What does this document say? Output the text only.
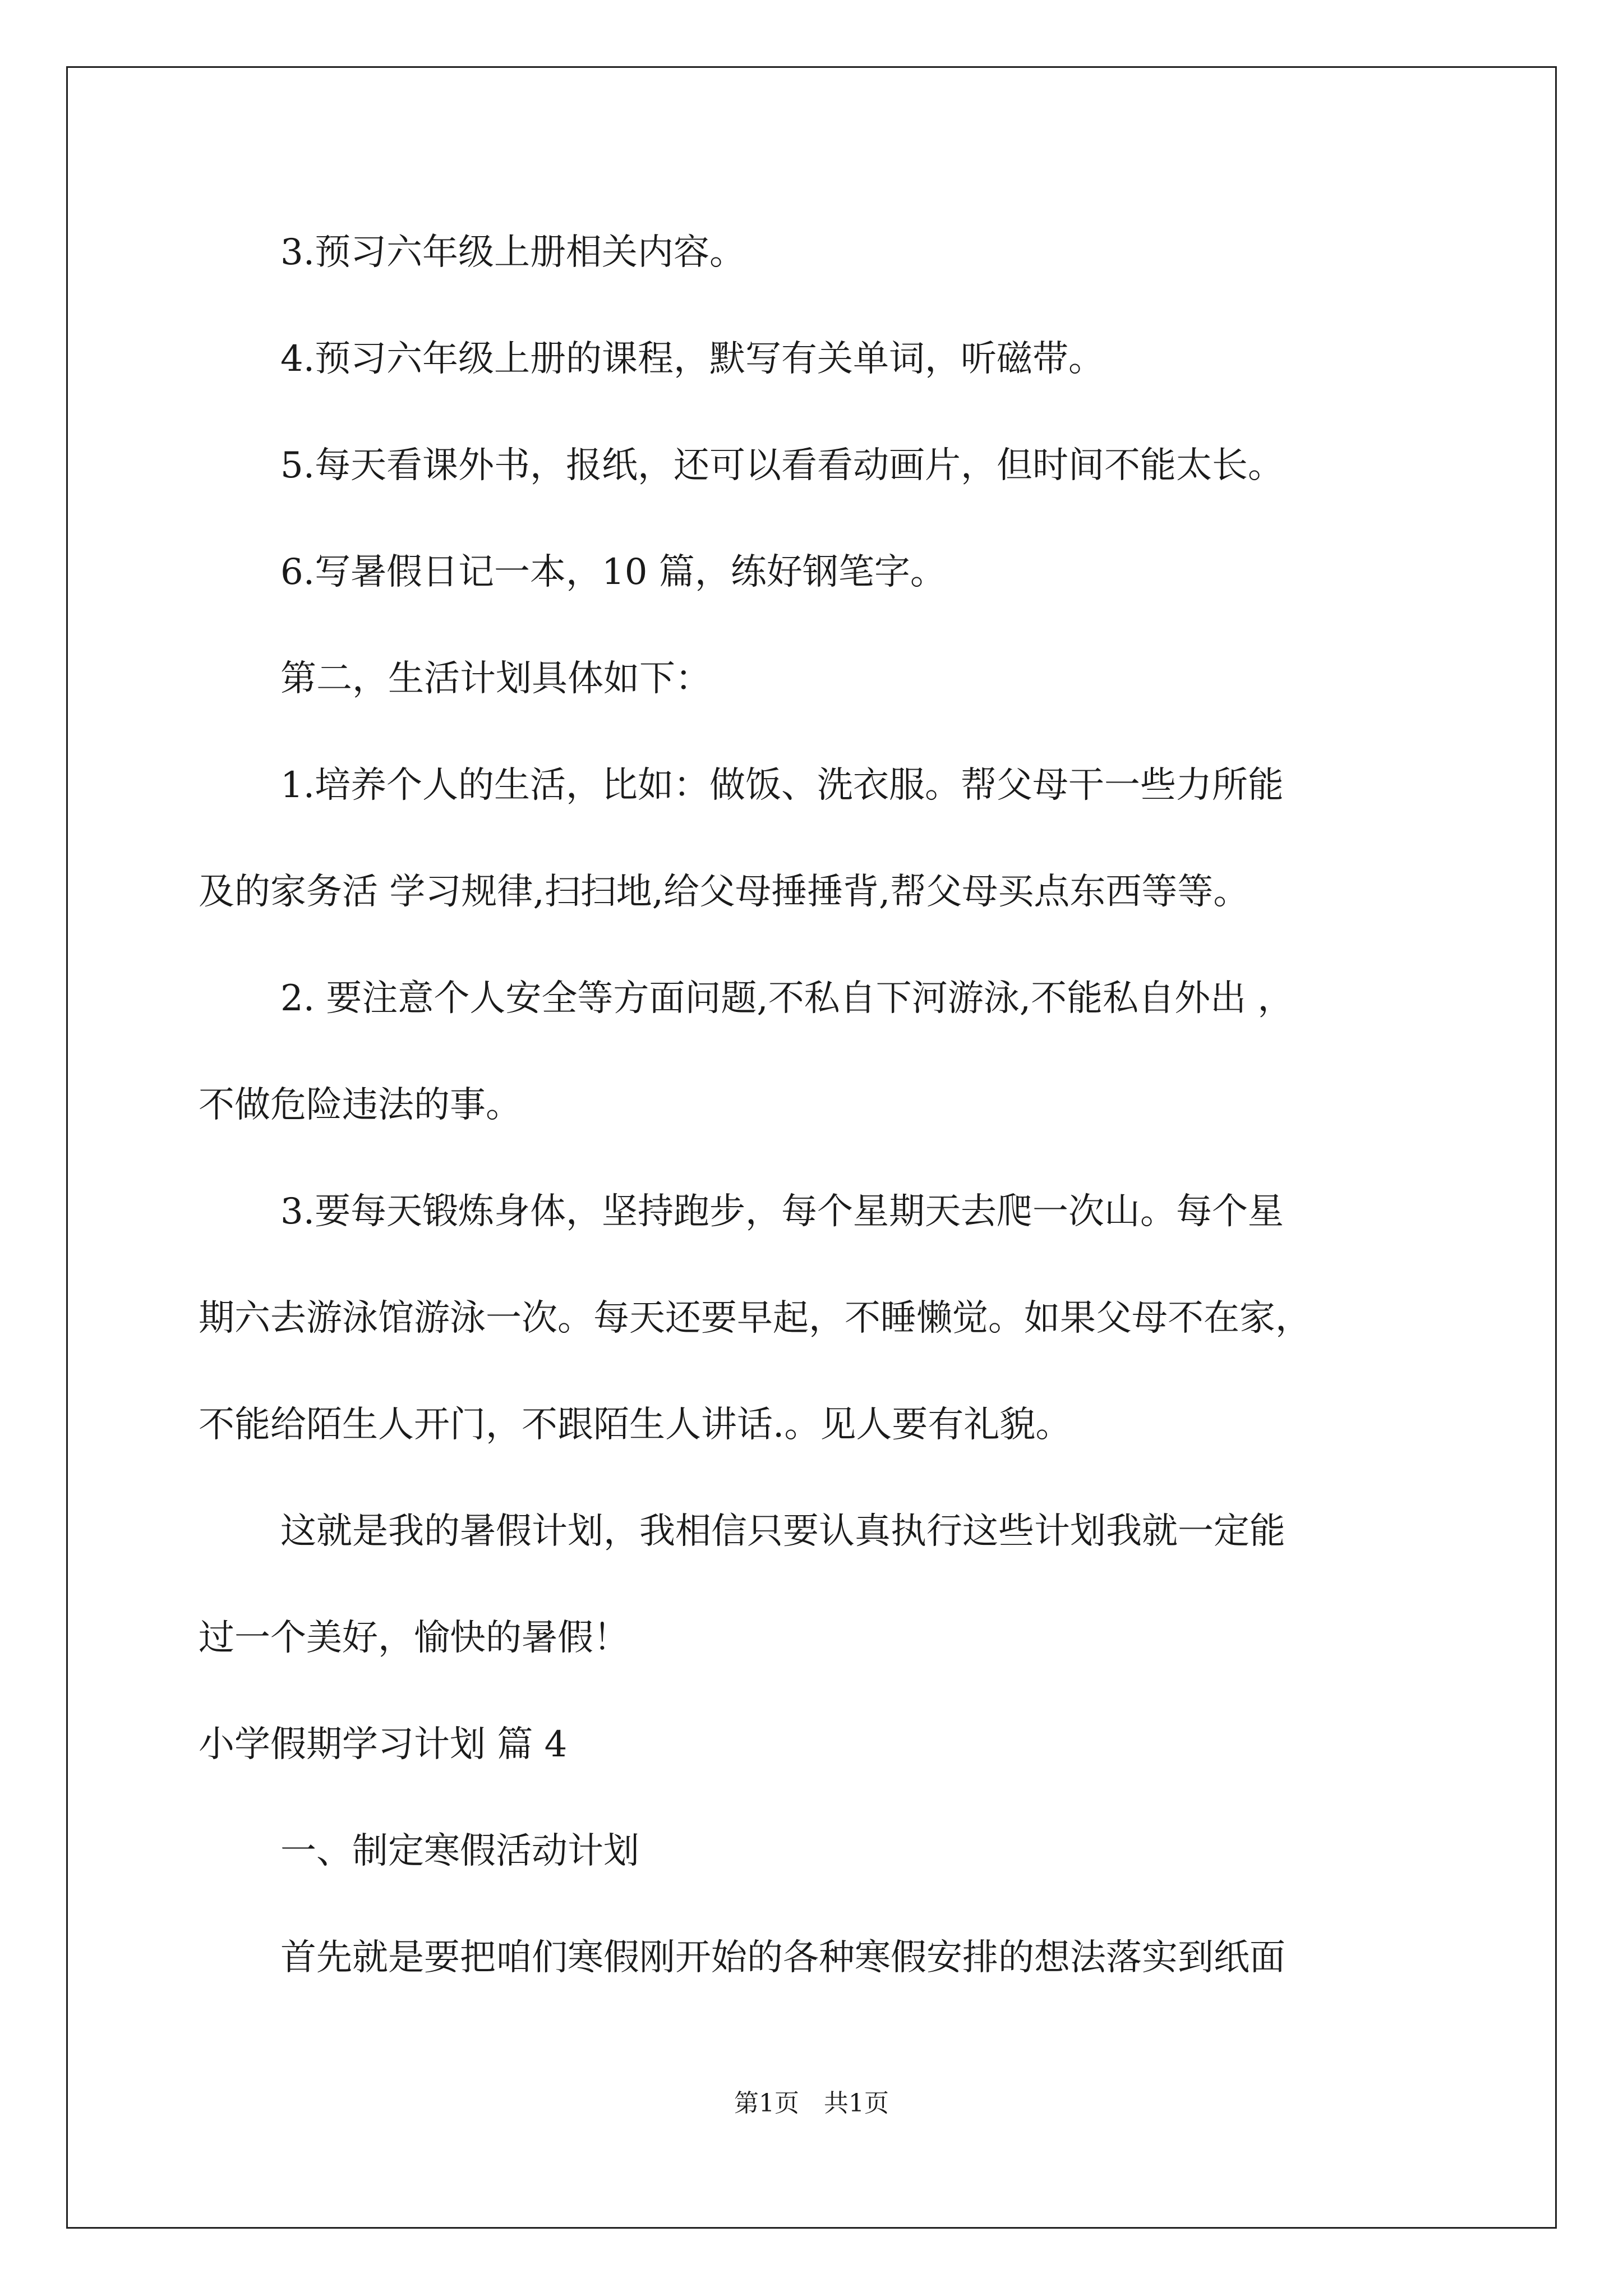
3.预习六年级上册相关内容。
4.预习六年级上册的课程，默写有关单词，听磁带。
5.每天看课外书，报纸，还可以看看动画片，但时间不能太长。
6.写暑假日记一本，10 篇，练好钢笔字。
第二，生活计划具体如下：
1.培养个人的生活，比如：做饭、洗衣服。帮父母干一些力所能
及的家务活 学习规律,扫扫地,给父母捶捶背,帮父母买点东西等等。
2. 要注意个人安全等方面问题,不私自下河游泳,不能私自外出 ，
不做危险违法的事。
3.要每天锻炼身体，坚持跑步，每个星期天去爬一次山。每个星
期六去游泳馆游泳一次。每天还要早起，不睡懒觉。如果父母不在家，
不能给陌生人开门，不跟陌生人讲话.。见人要有礼貌。
这就是我的暑假计划，我相信只要认真执行这些计划我就一定能
过一个美好，愉快的暑假！
小学假期学习计划 篇 4
一、制定寒假活动计划
首先就是要把咱们寒假刚开始的各种寒假安排的想法落实到纸面
第1页　共1页
